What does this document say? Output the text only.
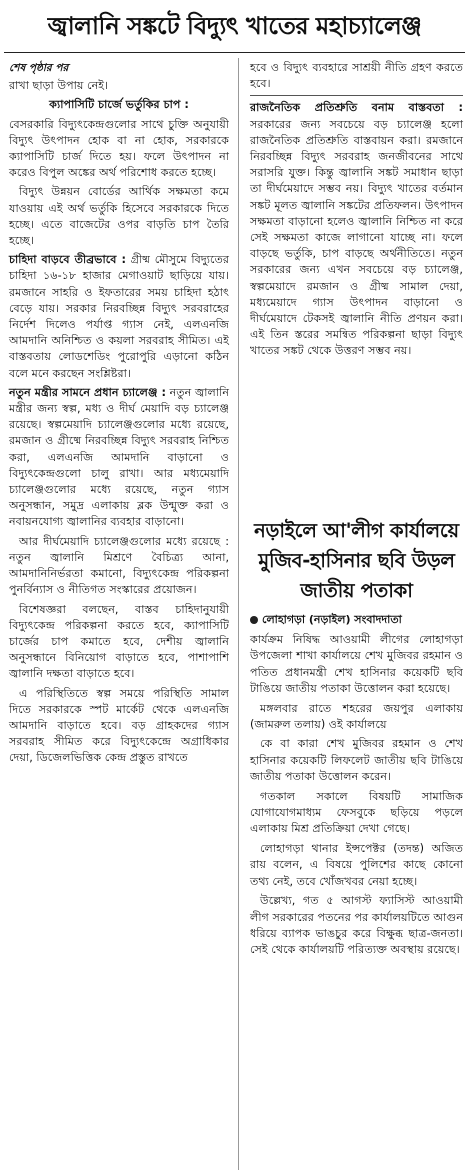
জ্বালানি সঙ্কটে বিদ্যুৎ খাতের মহাচ্যালেঞ্জ
শেষ পৃষ্ঠার পর

রাখা ছাড়া উপায় নেই।

ক্যাপাসিটি চার্জে ভর্তুকির চাপ :

বেসরকারি বিদ্যুৎকেন্দ্রগুলোর সাথে চুক্তি অনুযায়ী বিদ্যুৎ উৎপাদন হোক বা না হোক, সরকারকে ক্যাপাসিটি চার্জ দিতে হয়। ফলে উৎপাদন না করেও বিপুল অঙ্কের অর্থ পরিশোধ করতে হচ্ছে।

বিদ্যুৎ উন্নয়ন বোর্ডের আর্থিক সক্ষমতা কমে যাওয়ায় এই অর্থ ভর্তুকি হিসেবে সরকারকে দিতে হচ্ছে। এতে বাজেটের ওপর বাড়তি চাপ তৈরি হচ্ছে।

চাহিদা বাড়বে তীব্রভাবে : গ্রীষ্ম মৌসুমে বিদ্যুতের চাহিদা ১৬-১৮ হাজার মেগাওয়াট ছাড়িয়ে যায়। রমজানে সাহরি ও ইফতারের সময় চাহিদা হঠাৎ বেড়ে যায়। সরকার নিরবচ্ছিন্ন বিদ্যুৎ সরবরাহের নির্দেশ দিলেও পর্যাপ্ত গ্যাস নেই, এলএনজি আমদানি অনিশ্চিত ও কয়লা সরবরাহ সীমিত। এই বাস্তবতায় লোডশেডিং পুরোপুরি এড়ানো কঠিন বলে মনে করছেন সংশ্লিষ্টরা।

নতুন মন্ত্রীর সামনে প্রধান চ্যালেঞ্জ : নতুন জ্বালানি মন্ত্রীর জন্য স্বল্প, মধ্য ও দীর্ঘ মেয়াদি বড় চ্যালেঞ্জ রয়েছে। স্বল্পমেয়াদি চ্যালেঞ্জগুলোর মধ্যে রয়েছে, রমজান ও গ্রীষ্মে নিরবচ্ছিন্ন বিদ্যুৎ সরবরাহ নিশ্চিত করা, এলএনজি আমদানি বাড়ানো ও বিদ্যুৎকেন্দ্রগুলো চালু রাখা। আর মধ্যমেয়াদি চ্যালেঞ্জগুলোর মধ্যে রয়েছে, নতুন গ্যাস অনুসন্ধান, সমুদ্র এলাকায় ব্লক উন্মুক্ত করা ও নবায়নযোগ্য জ্বালানির ব্যবহার বাড়ানো।

আর দীর্ঘমেয়াদি চ্যালেঞ্জগুলোর মধ্যে রয়েছে : নতুন জ্বালানি মিশ্রণে বৈচিত্র্য আনা, আমদানিনির্ভরতা কমানো, বিদ্যুৎকেন্দ্র পরিকল্পনা পুনর্বিন্যাস ও নীতিগত সংস্কারের প্রয়োজন।

বিশেষজ্ঞরা বলছেন, বাস্তব চাহিদানুযায়ী বিদ্যুৎকেন্দ্র পরিকল্পনা করতে হবে, ক্যাপাসিটি চার্জের চাপ কমাতে হবে, দেশীয় জ্বালানি অনুসন্ধানে বিনিয়োগ বাড়াতে হবে, পাশাপাশি জ্বালানি দক্ষতা বাড়াতে হবে।

এ পরিস্থিতিতে স্বল্প সময়ে পরিস্থিতি সামাল দিতে সরকারকে স্পট মার্কেট থেকে এলএনজি আমদানি বাড়াতে হবে। বড় গ্রাহকদের গ্যাস সরবরাহ সীমিত করে বিদ্যুৎকেন্দ্রে অগ্রাধিকার দেয়া, ডিজেলভিত্তিক কেন্দ্র প্রস্তুত রাখতে

হবে ও বিদ্যুৎ ব্যবহারে সাশ্রয়ী নীতি গ্রহণ করতে হবে।

রাজনৈতিক প্রতিশ্রুতি বনাম বাস্তবতা : সরকারের জন্য সবচেয়ে বড় চ্যালেঞ্জ হলো রাজনৈতিক প্রতিশ্রুতি বাস্তবায়ন করা। রমজানে নিরবচ্ছিন্ন বিদ্যুৎ সরবরাহ জনজীবনের সাথে সরাসরি যুক্ত। কিন্তু জ্বালানি সঙ্কট সমাধান ছাড়া তা দীর্ঘমেয়াদে সম্ভব নয়। বিদ্যুৎ খাতের বর্তমান সঙ্কট মূলত জ্বালানি সঙ্কটের প্রতিফলন। উৎপাদন সক্ষমতা বাড়ানো হলেও জ্বালানি নিশ্চিত না করে সেই সক্ষমতা কাজে লাগানো যাচ্ছে না। ফলে বাড়ছে ভর্তুকি, চাপ বাড়ছে অর্থনীতিতে। নতুন সরকারের জন্য এখন সবচেয়ে বড় চ্যালেঞ্জ, স্বল্পমেয়াদে রমজান ও গ্রীষ্ম সামাল দেয়া, মধ্যমেয়াদে গ্যাস উৎপাদন বাড়ানো ও দীর্ঘমেয়াদে টেকসই জ্বালানি নীতি প্রণয়ন করা। এই তিন স্তরের সমন্বিত পরিকল্পনা ছাড়া বিদ্যুৎ খাতের সঙ্কট থেকে উত্তরণ সম্ভব নয়।

নড়াইলে আ'লীগ কার্যালয়ে মুজিব-হাসিনার ছবি উড়ল জাতীয় পতাকা
লোহাগড়া (নড়াইল) সংবাদদাতা

কার্যক্রম নিষিদ্ধ আওয়ামী লীগের লোহাগড়া উপজেলা শাখা কার্যালয়ে শেখ মুজিবর রহমান ও পতিত প্রধানমন্ত্রী শেখ হাসিনার কয়েকটি ছবি টাঙিয়ে জাতীয় পতাকা উত্তোলন করা হয়েছে।

মঙ্গলবার রাতে শহরের জয়পুর এলাকায় (জামরুল তলায়) ওই কার্যালয়ে

কে বা কারা শেখ মুজিবর রহমান ও শেখ হাসিনার কয়েকটি লিফলেট জাতীয় ছবি টাঙিয়ে জাতীয় পতাকা উত্তোলন করেন।

গতকাল সকালে বিষয়টি সামাজিক যোগাযোগমাধ্যম ফেসবুকে ছড়িয়ে পড়লে এলাকায় মিশ্র প্রতিক্রিয়া দেখা গেছে।

লোহাগড়া থানার ইন্সপেক্টর (তদন্ত) অজিত রায় বলেন, এ বিষয়ে পুলিশের কাছে কোনো তথ্য নেই, তবে খোঁজখবর নেয়া হচ্ছে।

উল্লেখ্য, গত ৫ আগস্ট ফ্যাসিস্ট আওয়ামী লীগ সরকারের পতনের পর কার্যালয়টিতে আগুন ধরিয়ে ব্যাপক ভাঙচুর করে বিক্ষুব্ধ ছাত্র-জনতা। সেই থেকে কার্যালয়টি পরিত্যক্ত অবস্থায় রয়েছে।
